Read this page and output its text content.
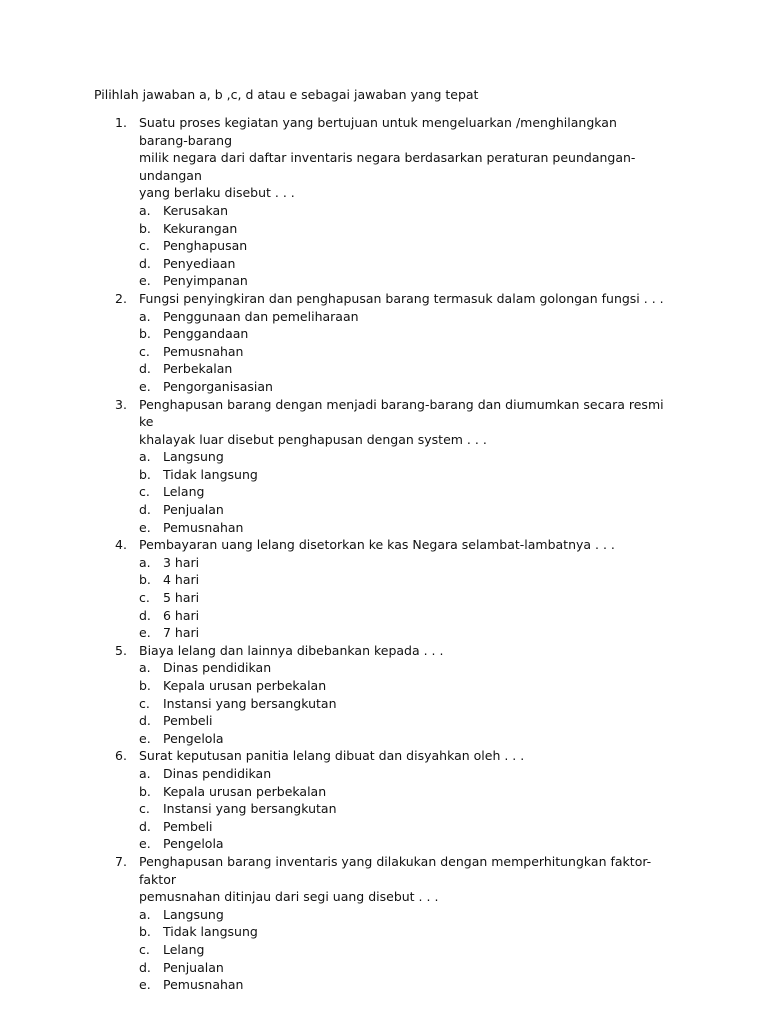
Pilihlah jawaban a, b ,c, d atau e sebagai jawaban yang tepat
1. Suatu proses kegiatan yang bertujuan untuk mengeluarkan /menghilangkan barang-barang
milik negara dari daftar inventaris negara berdasarkan peraturan peundangan-undangan
yang berlaku disebut . . .
a. Kerusakan
b. Kekurangan
c. Penghapusan
d. Penyediaan
e. Penyimpanan
2. Fungsi penyingkiran dan penghapusan barang termasuk dalam golongan fungsi . . .
a. Penggunaan dan pemeliharaan
b. Penggandaan
c. Pemusnahan
d. Perbekalan
e. Pengorganisasian
3. Penghapusan barang dengan menjadi barang-barang dan diumumkan secara resmi ke
khalayak luar disebut penghapusan dengan system . . .
a. Langsung
b. Tidak langsung
c. Lelang
d. Penjualan
e. Pemusnahan
4. Pembayaran uang lelang disetorkan ke kas Negara selambat-lambatnya . . .
a. 3 hari
b. 4 hari
c. 5 hari
d. 6 hari
e. 7 hari
5. Biaya lelang dan lainnya dibebankan kepada . . .
a. Dinas pendidikan
b. Kepala urusan perbekalan
c. Instansi yang bersangkutan
d. Pembeli
e. Pengelola
6. Surat keputusan panitia lelang dibuat dan disyahkan oleh . . .
a. Dinas pendidikan
b. Kepala urusan perbekalan
c. Instansi yang bersangkutan
d. Pembeli
e. Pengelola
7. Penghapusan barang inventaris yang dilakukan dengan memperhitungkan faktor-faktor
pemusnahan ditinjau dari segi uang disebut . . .
a. Langsung
b. Tidak langsung
c. Lelang
d. Penjualan
e. Pemusnahan
